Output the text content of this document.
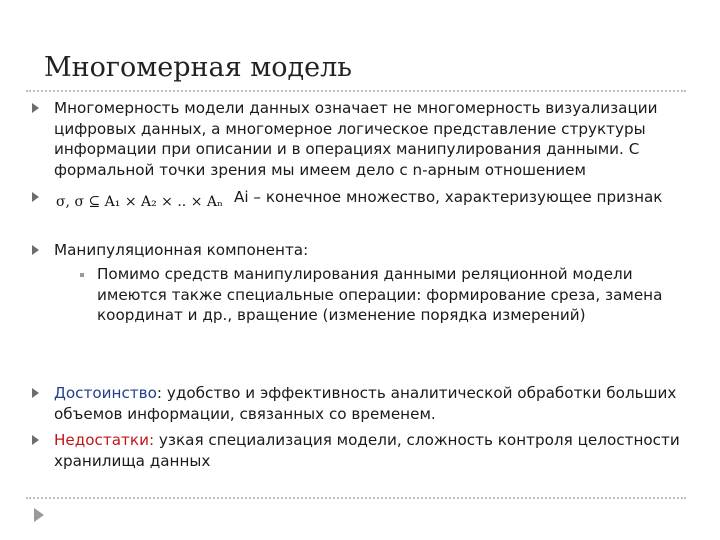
Многомерная модель
Многомерность модели данных означает не многомерность визуализации
цифровых данных, а многомерное логическое представление структуры
информации при описании и в операциях манипулирования данными. С
формальной точки зрения мы имеем дело с n-арным отношением
σ, σ ⊆ A₁ × A₂ × .. × Aₙ Ai – конечное множество, характеризующее признак
Манипуляционная компонента:
Помимо средств манипулирования данными реляционной модели
имеются также специальные операции: формирование среза, замена
координат и др., вращение (изменение порядка измерений)
Достоинство: удобство и эффективность аналитической обработки больших
объемов информации, связанных со временем.
Недостатки: узкая специализация модели, сложность контроля целостности
хранилища данных
